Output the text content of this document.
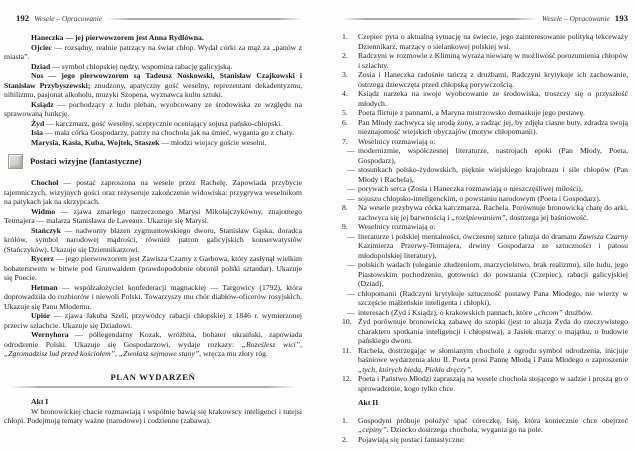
192 Wesele – Opracowanie
Haneczka — jej pierwowzorem jest Anna Rydlówna.
Ojciec — rozsądny, realnie patrzący na świat chłop. Wydał córki za mąż za „panów z miasta”.
Dziad — symbol chłopskiej nędzy, wspomina rabację galicyjską.
Nos — jego pierwowzorem są Tadeusz Noskowski, Stanisław Czajkowski i Stanisław Przybyszewski; znudzony, apatyczny gość weselny, reprezentant dekadentyzmu, nihilizmu, pasjonat alkoholu, muzyki Szopena, wyznawca kultu sztuki.
Ksiądz — pochodzący z ludu pleban, wyobcowany ze środowiska ze względu na sprawowaną funkcję.
Żyd — karczmarz, gość weselny, sceptycznie oceniający sojusz pańsko-chłopski.
Isia — mała córka Gospodarzy, patrzy na chochoła jak na śmieć, wygania go z chaty.
Marysia, Kasia, Kuba, Wojtek, Staszek — młodzi wiejscy goście weselni.
Postaci wizyjne (fantastyczne)
Chochoł — postać zaproszona na wesele przez Rachelę. Zapowiada przybycie tajemniczych, wizyjnych gości oraz reżyseruje zakończenie widowiska: przygrywa weselnikom na patykach jak na skrzypcach.
Widmo — zjawa zmarłego narzeczonego Marysi Mikołajczykówny, znajomego Tetmajera — malarza Stanisława de Laveaux. Ukazuje się Marysi.
Stańczyk — nadworny błazen zygmuntowskiego dworu, Stanisław Gąska, doradca królów, symbol narodowej mądrości, również patron galicyjskich konserwatystów (Stańczyków). Ukazuje się Dziennikarzowi.
Rycerz — jego pierwowzorem jest Zawisza Czarny z Garbowa, który zasłynął wielkim bohaterstwem w bitwie pod Grunwaldem (prawdopodobnie obronił polski sztandar). Ukazuje się Poecie.
Hetman — współzałożyciel konfederacji magnackiej — Targowicy (1792), która doprowadziła do rozbiorów i niewoli Polski. Towarzyszy mu chór diabłów-oficerów rosyjskich. Ukazuje się Panu Młodemu.
Upiór — zjawa Jakuba Szeli, przywódcy rabacji chłopskiej z 1846 r. wymierzonej przeciw szlachcie. Ukazuje się Dziadowi.
Wernyhora — półlegendarny Kozak, wróżbita, bohater ukraiński, zapowiada odrodzenie Polski. Ukazuje się Gospodarzowi, wydaje rozkazy: „Roześlesz wici”, „Zgromadzisz lud przed kościołem”, „Zwołasz sejmowe stany”, wręcza mu złoty róg.
PLAN WYDARZEŃ
Akt I

W bronowickiej chacie rozmawiają i wspólnie bawią się krakowscy inteligenci i tutejsi chłopi. Podejmują tematy ważne (narodowe) i codzienne (zabawa).

Wesele – Opracowanie 193
1.	Czepiec pyta o aktualną sytuację na świecie, jego zainteresowanie polityką lekceważy Dziennikarz, marzący o sielankowej polskiej wsi.
2.	Radczyni w rozmowie z Kliminą wyraża niewiarę w możliwość porozumienia chłopów i szlachty.
3.	Zosia i Haneczka radośnie tańczą z drużbami, Radczyni krytykuje ich zachowanie, ostrzega dziewczęta przed chłopską porywczością.
4.	Ksiądz narzeka na swoje wyobcowanie ze środowiska, troszczy się o przyszłość młodych.
5.	Poeta flirtuje z pannami, a Maryna mistrzowsko demaskuje jego postawę.
6.	Pan Młody zachwyca się urodą żony, a radząc jej, by zdjęła ciasne buty, zdradza swoją nieznajomość wiejskich obyczajów (motyw chłopomanii).
7.	Weselnicy rozmawiają o:
— modernizmie, współczesnej literaturze, nastrojach epoki (Pan Młody, Poeta, Gospodarz),
— stosunkach polsko-żydowskich, pięknie wiejskiego krajobrazu i sile chłopów (Pan Młody i Rachela),
— porywach serca (Zosia i Haneczka rozmawiają o nieszczęśliwej miłości),
— sojuszu chłopsko-inteligenckim, o powstaniu narodowym (Poeta i Gospodarz).
8.	Na wesele przybywa córka karczmarza, Rachela. Porównuje bronowicką chatę do arki, zachwyca się jej barwnością i „rozśpiewaniem”, dostrzega jej baśniowość.
9.	Weselnicy rozmawiają o:
— literaturze i polskiej mentalności, ówczesnej sztuce (aluzja do dramatu Zawisza Czarny Kazimierza Przerwy-Tetmajera, drwiny Gospodarza ze sztuczności i patosu młodopolskiej literatury),
— polskich wadach (uleganie złudzeniom, marzycielstwo, brak realizmu), sile ludu, jego Piastowskim pochodzeniu, gotowości do powstania (Czepiec), rabacji galicyjskiej (Dziad),
— chłopomanii (Radczyni krytykuje sztuczność postawy Pana Młodego, nie wierzy w szczęście małżeńskie inteligenta i chłopki),
— interesach (Żyd i Ksiądz), o krakowskich pannach, które „chcom” drużbów.
10. Żyd porównuje bronowicką zabawę do szopki (jest to aluzja Żyda do rzeczywistego charakteru spotkania inteligencji i chłopstwa), a Jasiek marzy o majątku, o budowie pańskiego dworu.
11. Rachela, dostrzegając w słomianym chochole z ogrodu symbol odrodzenia, inicjuje baśniowe wydarzenia aktu II. Poeta prosi Pannę Młodą i Pana Młodego o zaproszenie „tych, których bieda, Piekło dręczy”.
12. Poeta i Państwo Młodzi zapraszają na wesele chochoła stojącego w sadzie i proszą go o sprowadzenie, kogo tylko chce.
Akt II
1.	Gospodyni próbuje położyć spać córeczkę, Isię, która koniecznie chce obejrzeć „cepiny”. Dziecko dostrzega chochoła, wygania go na pole.
2.	Pojawiają się postaci fantastyczne:
